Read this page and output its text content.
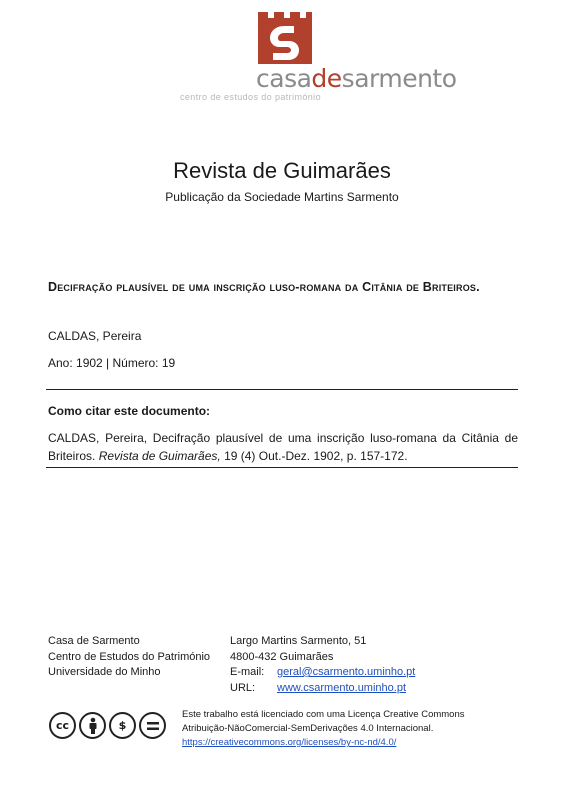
casadesarmento
centro de estudos do património
Revista de Guimarães
Publicação da Sociedade Martins Sarmento
Decifração plausível de uma inscrição luso-romana da Citânia de Briteiros.
CALDAS, Pereira
Ano: 1902 | Número: 19
Como citar este documento:
CALDAS, Pereira, Decifração plausível de uma inscrição luso-romana da Citânia de Briteiros. Revista de Guimarães, 19 (4) Out.-Dez. 1902, p. 157-172.
Casa de Sarmento
Centro de Estudos do Património
Universidade do Minho
Largo Martins Sarmento, 51
4800-432 Guimarães
E-mail: geral@csarmento.uminho.pt
URL: www.csarmento.uminho.pt
cc	$
Este trabalho está licenciado com uma Licença Creative Commons
Atribuição-NãoComercial-SemDerivações 4.0 Internacional.
https://creativecommons.org/licenses/by-nc-nd/4.0/
